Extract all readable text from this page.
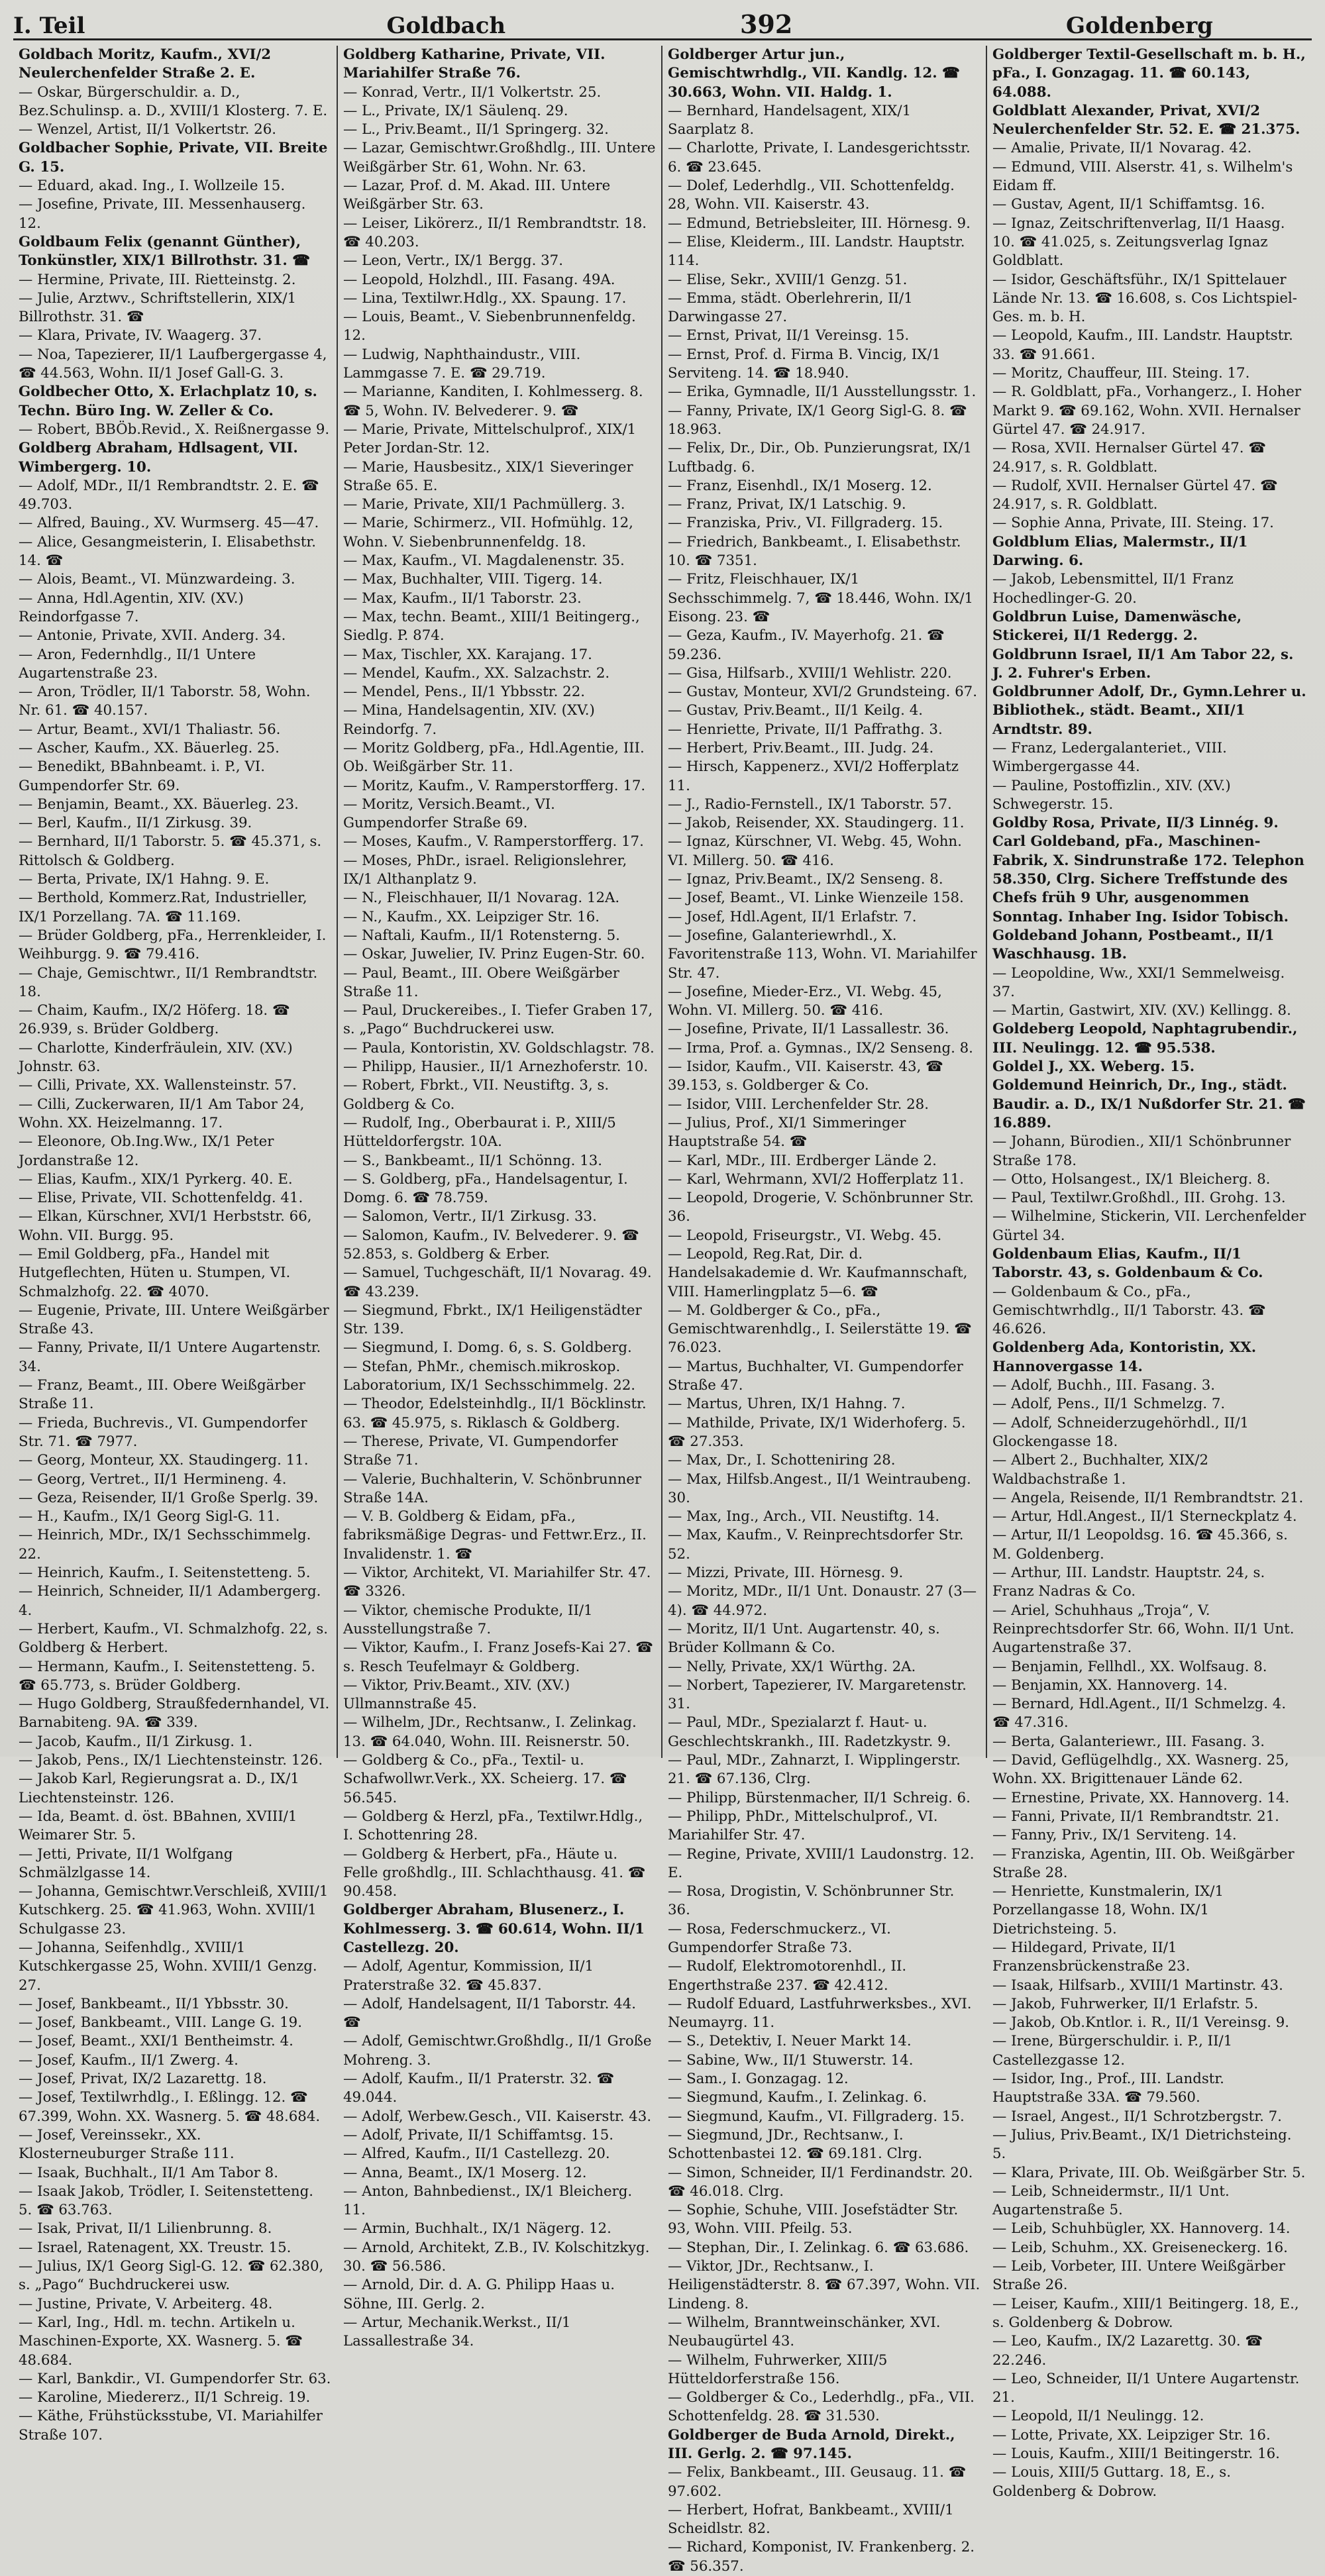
I. Teil	Goldbach	392	Goldenberg

Goldbach Moritz, Kaufm., XVI/2 Neulerchenfelder Straße 2. E.

— Oskar, Bürgerschuldir. a. D., Bez.Schulinsp. a. D., XVIII/1 Klosterg. 7. E.

— Wenzel, Artist, II/1 Volkertstr. 26.

Goldbacher Sophie, Private, VII. Breite G. 15.

— Eduard, akad. Ing., I. Wollzeile 15.

— Josefine, Private, III. Messenhauserg. 12.

Goldbaum Felix (genannt Günther), Tonkünstler, XIX/1 Billrothstr. 31. ☎

— Hermine, Private, III. Rietteinstg. 2.

— Julie, Arztwv., Schriftstellerin, XIX/1 Billrothstr. 31. ☎

— Klara, Private, IV. Waagerg. 37.

— Noa, Tapezierer, II/1 Laufbergergasse 4, ☎ 44.563, Wohn. II/1 Josef Gall-G. 3.

Goldbecher Otto, X. Erlachplatz 10, s. Techn. Büro Ing. W. Zeller & Co.

— Robert, BBÖb.Revid., X. Reißnergasse 9.

Goldberg Abraham, Hdlsagent, VII. Wimbergerg. 10.

— Adolf, MDr., II/1 Rembrandtstr. 2. E. ☎ 49.703.

— Alfred, Bauing., XV. Wurmserg. 45—47.

— Alice, Gesangmeisterin, I. Elisabethstr. 14. ☎

— Alois, Beamt., VI. Münzwardeing. 3.

— Anna, Hdl.Agentin, XIV. (XV.) Reindorfgasse 7.

— Antonie, Private, XVII. Anderg. 34.

— Aron, Federnhdlg., II/1 Untere Augartenstraße 23.

— Aron, Trödler, II/1 Taborstr. 58, Wohn. Nr. 61. ☎ 40.157.

— Artur, Beamt., XVI/1 Thaliastr. 56.

— Ascher, Kaufm., XX. Bäuerleg. 25.

— Benedikt, BBahnbeamt. i. P., VI. Gumpendorfer Str. 69.

— Benjamin, Beamt., XX. Bäuerleg. 23.

— Berl, Kaufm., II/1 Zirkusg. 39.

— Bernhard, II/1 Taborstr. 5. ☎ 45.371, s. Rittolsch & Goldberg.

— Berta, Private, IX/1 Hahng. 9. E.

— Berthold, Kommerz.Rat, Industrieller, IX/1 Porzellang. 7A. ☎ 11.169.

— Brüder Goldberg, pFa., Herrenkleider, I. Weihburgg. 9. ☎ 79.416.

— Chaje, Gemischtwr., II/1 Rembrandtstr. 18.

— Chaim, Kaufm., IX/2 Höferg. 18. ☎ 26.939, s. Brüder Goldberg.

— Charlotte, Kinderfräulein, XIV. (XV.) Johnstr. 63.

— Cilli, Private, XX. Wallensteinstr. 57.

— Cilli, Zuckerwaren, II/1 Am Tabor 24, Wohn. XX. Heizelmanng. 17.

— Eleonore, Ob.Ing.Ww., IX/1 Peter Jordanstraße 12.

— Elias, Kaufm., XIX/1 Pyrkerg. 40. E.

— Elise, Private, VII. Schottenfeldg. 41.

— Elkan, Kürschner, XVI/1 Herbststr. 66, Wohn. VII. Burgg. 95.

— Emil Goldberg, pFa., Handel mit Hutgeflechten, Hüten u. Stumpen, VI. Schmalzhofg. 22. ☎ 4070.

— Eugenie, Private, III. Untere Weißgärber Straße 43.

— Fanny, Private, II/1 Untere Augartenstr. 34.

— Franz, Beamt., III. Obere Weißgärber Straße 11.

— Frieda, Buchrevis., VI. Gumpendorfer Str. 71. ☎ 7977.

— Georg, Monteur, XX. Staudingerg. 11.

— Georg, Vertret., II/1 Hermineng. 4.

— Geza, Reisender, II/1 Große Sperlg. 39.

— H., Kaufm., IX/1 Georg Sigl-G. 11.

— Heinrich, MDr., IX/1 Sechsschimmelg. 22.

— Heinrich, Kaufm., I. Seitenstetteng. 5.

— Heinrich, Schneider, II/1 Adambergerg. 4.

— Herbert, Kaufm., VI. Schmalzhofg. 22, s. Goldberg & Herbert.

— Hermann, Kaufm., I. Seitenstetteng. 5. ☎ 65.773, s. Brüder Goldberg.

— Hugo Goldberg, Straußfedernhandel, VI. Barnabiteng. 9A. ☎ 339.

— Jacob, Kaufm., II/1 Zirkusg. 1.

— Jakob, Pens., IX/1 Liechtensteinstr. 126.

— Jakob Karl, Regierungsrat a. D., IX/1 Liechtensteinstr. 126.

— Ida, Beamt. d. öst. BBahnen, XVIII/1 Weimarer Str. 5.

— Jetti, Private, II/1 Wolfgang Schmälzlgasse 14.

— Johanna, Gemischtwr.Verschleiß, XVIII/1 Kutschkerg. 25. ☎ 41.963, Wohn. XVIII/1 Schulgasse 23.

— Johanna, Seifenhdlg., XVIII/1 Kutschkergasse 25, Wohn. XVIII/1 Genzg. 27.

— Josef, Bankbeamt., II/1 Ybbsstr. 30.

— Josef, Bankbeamt., VIII. Lange G. 19.

— Josef, Beamt., XXI/1 Bentheimstr. 4.

— Josef, Kaufm., II/1 Zwerg. 4.

— Josef, Privat, IX/2 Lazarettg. 18.

— Josef, Textilwrhdlg., I. Eßlingg. 12. ☎ 67.399, Wohn. XX. Wasnerg. 5. ☎ 48.684.

— Josef, Vereinssekr., XX. Klosterneuburger Straße 111.

— Isaak, Buchhalt., II/1 Am Tabor 8.

— Isaak Jakob, Trödler, I. Seitenstetteng. 5. ☎ 63.763.

— Isak, Privat, II/1 Lilienbrunng. 8.

— Israel, Ratenagent, XX. Treustr. 15.

— Julius, IX/1 Georg Sigl-G. 12. ☎ 62.380, s. „Pago“ Buchdruckerei usw.

— Justine, Private, V. Arbeiterg. 48.

— Karl, Ing., Hdl. m. techn. Artikeln u. Maschinen-Exporte, XX. Wasnerg. 5. ☎ 48.684.

— Karl, Bankdir., VI. Gumpendorfer Str. 63.

— Karoline, Miedererz., II/1 Schreig. 19.

— Käthe, Frühstücksstube, VI. Mariahilfer Straße 107.

Goldberg Katharine, Private, VII. Mariahilfer Straße 76.

— Konrad, Vertr., II/1 Volkertstr. 25.

— L., Private, IX/1 Säulenq. 29.

— L., Priv.Beamt., II/1 Springerg. 32.

— Lazar, Gemischtwr.Großhdlg., III. Untere Weißgärber Str. 61, Wohn. Nr. 63.

— Lazar, Prof. d. M. Akad. III. Untere Weißgärber Str. 63.

— Leiser, Likörerz., II/1 Rembrandtstr. 18. ☎ 40.203.

— Leon, Vertr., IX/1 Bergg. 37.

— Leopold, Holzhdl., III. Fasang. 49A.

— Lina, Textilwr.Hdlg., XX. Spaung. 17.

— Louis, Beamt., V. Siebenbrunnenfeldg. 12.

— Ludwig, Naphthaindustr., VIII. Lammgasse 7. E. ☎ 29.719.

— Marianne, Kanditen, I. Kohlmesserg. 8. ☎ 5, Wohn. IV. Belvederег. 9. ☎

— Marie, Private, Mittelschulprof., XIX/1 Peter Jordan-Str. 12.

— Marie, Hausbesitz., XIX/1 Sieveringer Straße 65. E.

— Marie, Private, XII/1 Pachmüllerg. 3.

— Marie, Schirmerz., VII. Hofmühlg. 12, Wohn. V. Siebenbrunnenfeldg. 18.

— Max, Kaufm., VI. Magdalenenstr. 35.

— Max, Buchhalter, VIII. Tigerg. 14.

— Max, Kaufm., II/1 Taborstr. 23.

— Max, techn. Beamt., XIII/1 Beitingerg., Siedlg. P. 874.

— Max, Tischler, XX. Karajang. 17.

— Mendel, Kaufm., XX. Salzachstr. 2.

— Mendel, Pens., II/1 Ybbsstr. 22.

— Mina, Handelsagentin, XIV. (XV.) Reindorfg. 7.

— Moritz Goldberg, pFa., Hdl.Agentie, III. Ob. Weißgärber Str. 11.

— Moritz, Kaufm., V. Ramperstorfferg. 17.

— Moritz, Versich.Beamt., VI. Gumpendorfer Straße 69.

— Moses, Kaufm., V. Ramperstorfferg. 17.

— Moses, PhDr., israel. Religionslehrer, IX/1 Althanplatz 9.

— N., Fleischhauer, II/1 Novarag. 12A.

— N., Kaufm., XX. Leipziger Str. 16.

— Naftali, Kaufm., II/1 Rotensterng. 5.

— Oskar, Juwelier, IV. Prinz Eugen-Str. 60.

— Paul, Beamt., III. Obere Weißgärber Straße 11.

— Paul, Druckereibes., I. Tiefer Graben 17, s. „Pago“ Buchdruckerei usw.

— Paula, Kontoristin, XV. Goldschlagstr. 78.

— Philipp, Hausier., II/1 Arnezhoferstr. 10.

— Robert, Fbrkt., VII. Neustiftg. 3, s. Goldberg & Co.

— Rudolf, Ing., Oberbaurat i. P., XIII/5 Hütteldorfergstr. 10A.

— S., Bankbeamt., II/1 Schönng. 13.

— S. Goldberg, pFa., Handelsagentur, I. Domg. 6. ☎ 78.759.

— Salomon, Vertr., II/1 Zirkusg. 33.

— Salomon, Kaufm., IV. Belvederег. 9. ☎ 52.853, s. Goldberg & Erber.

— Samuel, Tuchgeschäft, II/1 Novarag. 49. ☎ 43.239.

— Siegmund, Fbrkt., IX/1 Heiligenstädter Str. 139.

— Siegmund, I. Domg. 6, s. S. Goldberg.

— Stefan, PhMr., chemisch.mikroskop. Laboratorium, IX/1 Sechsschimmelg. 22.

— Theodor, Edelsteinhdlg., II/1 Böcklinstr. 63. ☎ 45.975, s. Riklasch & Goldberg.

— Therese, Private, VI. Gumpendorfer Straße 71.

— Valerie, Buchhalterin, V. Schönbrunner Straße 14A.

— V. B. Goldberg & Eidam, pFa., fabriksmäßige Degras- und Fettwr.Erz., II. Invalidenstr. 1. ☎

— Viktor, Architekt, VI. Mariahilfer Str. 47. ☎ 3326.

— Viktor, chemische Produkte, II/1 Ausstellungstraße 7.

— Viktor, Kaufm., I. Franz Josefs-Kai 27. ☎ s. Resch Teufelmayr & Goldberg.

— Viktor, Priv.Beamt., XIV. (XV.) Ullmannstraße 45.

— Wilhelm, JDr., Rechtsanw., I. Zelinkag. 13. ☎ 64.040, Wohn. III. Reisnerstr. 50.

— Goldberg & Co., pFa., Textil- u. Schafwollwr.Verk., XX. Scheierg. 17. ☎ 56.545.

— Goldberg & Herzl, pFa., Textilwr.Hdlg., I. Schottenring 28.

— Goldberg & Herbert, pFa., Häute u. Felle großhdlg., III. Schlachthausg. 41. ☎ 90.458.

Goldberger Abraham, Blusenerz., I. Kohlmesserg. 3. ☎ 60.614, Wohn. II/1 Castellezg. 20.

— Adolf, Agentur, Kommission, II/1 Praterstraße 32. ☎ 45.837.

— Adolf, Handelsagent, II/1 Taborstr. 44. ☎

— Adolf, Gemischtwr.Großhdlg., II/1 Große Mohreng. 3.

— Adolf, Kaufm., II/1 Praterstr. 32. ☎ 49.044.

— Adolf, Werbew.Gesch., VII. Kaiserstr. 43.

— Adolf, Private, II/1 Schiffamtsg. 15.

— Alfred, Kaufm., II/1 Castellezg. 20.

— Anna, Beamt., IX/1 Moserg. 12.

— Anton, Bahnbedienst., IX/1 Bleicherg. 11.

— Armin, Buchhalt., IX/1 Nägerg. 12.

— Arnold, Architekt, Z.B., IV. Kolschitzkyg. 30. ☎ 56.586.

— Arnold, Dir. d. A. G. Philipp Haas u. Söhne, III. Gerlg. 2.

— Artur, Mechanik.Werkst., II/1 Lassallestraße 34.

Goldberger Artur jun., Gemischtwrhdlg., VII. Kandlg. 12. ☎ 30.663, Wohn. VII. Haldg. 1.

— Bernhard, Handelsagent, XIX/1 Saarplatz 8.

— Charlotte, Private, I. Landesgerichtsstr. 6. ☎ 23.645.

— Dolef, Lederhdlg., VII. Schottenfeldg. 28, Wohn. VII. Kaiserstr. 43.

— Edmund, Betriebsleiter, III. Hörnesg. 9.

— Elise, Kleiderm., III. Landstr. Hauptstr. 114.

— Elise, Sekr., XVIII/1 Genzg. 51.

— Emma, städt. Oberlehrerin, II/1 Darwingasse 27.

— Ernst, Privat, II/1 Vereinsg. 15.

— Ernst, Prof. d. Firma B. Vincig, IX/1 Serviteng. 14. ☎ 18.940.

— Erika, Gymnadle, II/1 Ausstellungsstr. 1.

— Fanny, Private, IX/1 Georg Sigl-G. 8. ☎ 18.963.

— Felix, Dr., Dir., Ob. Punzierungsrat, IX/1 Luftbadg. 6.

— Franz, Eisenhdl., IX/1 Moserg. 12.

— Franz, Privat, IX/1 Latschig. 9.

— Franziska, Priv., VI. Fillgraderg. 15.

— Friedrich, Bankbeamt., I. Elisabethstr. 10. ☎ 7351.

— Fritz, Fleischhauer, IX/1 Sechsschimmelg. 7, ☎ 18.446, Wohn. IX/1 Eisong. 23. ☎

— Geza, Kaufm., IV. Mayerhofg. 21. ☎ 59.236.

— Gisa, Hilfsarb., XVIII/1 Wehlistr. 220.

— Gustav, Monteur, XVI/2 Grundsteing. 67.

— Gustav, Priv.Beamt., II/1 Keilg. 4.

— Henriette, Private, II/1 Paffrathg. 3.

— Herbert, Priv.Beamt., III. Judg. 24.

— Hirsch, Kappenerz., XVI/2 Hofferplatz 11.

— J., Radio-Fernstell., IX/1 Taborstr. 57.

— Jakob, Reisender, XX. Staudingerg. 11.

— Ignaz, Kürschner, VI. Webg. 45, Wohn. VI. Millerg. 50. ☎ 416.

— Ignaz, Priv.Beamt., IX/2 Senseng. 8.

— Josef, Beamt., VI. Linke Wienzeile 158.

— Josef, Hdl.Agent, II/1 Erlafstr. 7.

— Josefine, Galanteriewrhdl., X. Favoritenstraße 113, Wohn. VI. Mariahilfer Str. 47.

— Josefine, Mieder-Erz., VI. Webg. 45, Wohn. VI. Millerg. 50. ☎ 416.

— Josefine, Private, II/1 Lassallestr. 36.

— Irma, Prof. a. Gymnas., IX/2 Senseng. 8.

— Isidor, Kaufm., VII. Kaiserstr. 43, ☎ 39.153, s. Goldberger & Co.

— Isidor, VIII. Lerchenfelder Str. 28.

— Julius, Prof., XI/1 Simmeringer Hauptstraße 54. ☎

— Karl, MDr., III. Erdberger Lände 2.

— Karl, Wehrmann, XVI/2 Hofferplatz 11.

— Leopold, Drogerie, V. Schönbrunner Str. 36.

— Leopold, Friseurgstr., VI. Webg. 45.

— Leopold, Reg.Rat, Dir. d. Handelsakademie d. Wr. Kaufmannschaft, VIII. Hamerlingplatz 5—6. ☎

— M. Goldberger & Co., pFa., Gemischtwarenhdlg., I. Seilerstätte 19. ☎ 76.023.

— Martus, Buchhalter, VI. Gumpendorfer Straße 47.

— Martus, Uhren, IX/1 Hahng. 7.

— Mathilde, Private, IX/1 Widerhoferg. 5. ☎ 27.353.

— Max, Dr., I. Schotteniring 28.

— Max, Hilfsb.Angest., II/1 Weintraubeng. 30.

— Max, Ing., Arch., VII. Neustiftg. 14.

— Max, Kaufm., V. Reinprechtsdorfer Str. 52.

— Mizzi, Private, III. Hörnesg. 9.

— Moritz, MDr., II/1 Unt. Donaustr. 27 (3—4). ☎ 44.972.

— Moritz, II/1 Unt. Augartenstr. 40, s. Brüder Kollmann & Co.

— Nelly, Private, XX/1 Würthg. 2A.

— Norbert, Tapezierer, IV. Margaretenstr. 31.

— Paul, MDr., Spezialarzt f. Haut- u. Geschlechtskrankh., III. Radetzkystr. 9.

— Paul, MDr., Zahnarzt, I. Wipplingerstr. 21. ☎ 67.136, Clrg.

— Philipp, Bürstenmacher, II/1 Schreig. 6.

— Philipp, PhDr., Mittelschulprof., VI. Mariahilfer Str. 47.

— Regine, Private, XVIII/1 Laudonstrg. 12. E.

— Rosa, Drogistin, V. Schönbrunner Str. 36.

— Rosa, Federschmuckerz., VI. Gumpendorfer Straße 73.

— Rudolf, Elektromotorenhdl., II. Engerthstraße 237. ☎ 42.412.

— Rudolf Eduard, Lastfuhrwerksbes., XVI. Neumayrg. 11.

— S., Detektiv, I. Neuer Markt 14.

— Sabine, Ww., II/1 Stuwerstr. 14.

— Sam., I. Gonzagag. 12.

— Siegmund, Kaufm., I. Zelinkag. 6.

— Siegmund, Kaufm., VI. Fillgraderg. 15.

— Siegmund, JDr., Rechtsanw., I. Schottenbastei 12. ☎ 69.181. Clrg.

— Simon, Schneider, II/1 Ferdinandstr. 20. ☎ 46.018. Clrg.

— Sophie, Schuhe, VIII. Josefstädter Str. 93, Wohn. VIII. Pfeilg. 53.

— Stephan, Dir., I. Zelinkag. 6. ☎ 63.686.

— Viktor, JDr., Rechtsanw., I. Heiligenstädterstr. 8. ☎ 67.397, Wohn. VII. Lindeng. 8.

— Wilhelm, Branntweinschänker, XVI. Neubaugürtel 43.

— Wilhelm, Fuhrwerker, XIII/5 Hütteldorferstraße 156.

— Goldberger & Co., Lederhdlg., pFa., VII. Schottenfeldg. 28. ☎ 31.530.

Goldberger de Buda Arnold, Direkt., III. Gerlg. 2. ☎ 97.145.

— Felix, Bankbeamt., III. Geusaug. 11. ☎ 97.602.

— Herbert, Hofrat, Bankbeamt., XVIII/1 Scheidlstr. 82.

— Richard, Komponist, IV. Frankenberg. 2. ☎ 56.357.

Goldberger Textil-Gesellschaft m. b. H., pFa., I. Gonzagag. 11. ☎ 60.143, 64.088.

Goldblatt Alexander, Privat, XVI/2 Neulerchenfelder Str. 52. E. ☎ 21.375.

— Amalie, Private, II/1 Novarag. 42.

— Edmund, VIII. Alserstr. 41, s. Wilhelm's Eidam ff.

— Gustav, Agent, II/1 Schiffamtsg. 16.

— Ignaz, Zeitschriftenverlag, II/1 Haasg. 10. ☎ 41.025, s. Zeitungsverlag Ignaz Goldblatt.

— Isidor, Geschäftsführ., IX/1 Spittelauer Lände Nr. 13. ☎ 16.608, s. Cos Lichtspiel-Ges. m. b. H.

— Leopold, Kaufm., III. Landstr. Hauptstr. 33. ☎ 91.661.

— Moritz, Chauffeur, III. Steing. 17.

— R. Goldblatt, pFa., Vorhangerz., I. Hoher Markt 9. ☎ 69.162, Wohn. XVII. Hernalser Gürtel 47. ☎ 24.917.

— Rosa, XVII. Hernalser Gürtel 47. ☎ 24.917, s. R. Goldblatt.

— Rudolf, XVII. Hernalser Gürtel 47. ☎ 24.917, s. R. Goldblatt.

— Sophie Anna, Private, III. Steing. 17.

Goldblum Elias, Malermstr., II/1 Darwing. 6.

— Jakob, Lebensmittel, II/1 Franz Hochedlinger-G. 20.

Goldbrun Luise, Damenwäsche, Stickerei, II/1 Redergg. 2.

Goldbrunn Israel, II/1 Am Tabor 22, s. J. 2. Fuhrer's Erben.

Goldbrunner Adolf, Dr., Gymn.Lehrer u. Bibliothek., städt. Beamt., XII/1 Arndtstr. 89.

— Franz, Ledergalanteriet., VIII. Wimbergergasse 44.

— Pauline, Postoffizlin., XIV. (XV.) Schwegerstr. 15.

Goldby Rosa, Private, II/3 Linnég. 9.

Carl Goldeband, pFa., Maschinen-Fabrik, X. Sindrunstraße 172. Telephon 58.350, Clrg. Sichere Treffstunde des Chefs früh 9 Uhr, ausgenommen Sonntag. Inhaber Ing. Isidor Tobisch.

Goldeband Johann, Postbeamt., II/1 Waschhausg. 1B.

— Leopoldine, Ww., XXI/1 Semmelweisg. 37.

— Martin, Gastwirt, XIV. (XV.) Kellingg. 8.

Goldeberg Leopold, Naphtagrubendir., III. Neulingg. 12. ☎ 95.538.

Goldel J., XX. Weberg. 15.

Goldemund Heinrich, Dr., Ing., städt. Baudir. a. D., IX/1 Nußdorfer Str. 21. ☎ 16.889.

— Johann, Bürodien., XII/1 Schönbrunner Straße 178.

— Otto, Holsangest., IX/1 Bleicherg. 8.

— Paul, Textilwr.Großhdl., III. Grohg. 13.

— Wilhelmine, Stickerin, VII. Lerchenfelder Gürtel 34.

Goldenbaum Elias, Kaufm., II/1 Taborstr. 43, s. Goldenbaum & Co.

— Goldenbaum & Co., pFa., Gemischtwrhdlg., II/1 Taborstr. 43. ☎ 46.626.

Goldenberg Ada, Kontoristin, XX. Hannovergasse 14.

— Adolf, Buchh., III. Fasang. 3.

— Adolf, Pens., II/1 Schmelzg. 7.

— Adolf, Schneiderzugehörhdl., II/1 Glockengasse 18.

— Albert 2., Buchhalter, XIX/2 Waldbachstraße 1.

— Angela, Reisende, II/1 Rembrandtstr. 21.

— Artur, Hdl.Angest., II/1 Sterneckplatz 4.

— Artur, II/1 Leopoldsg. 16. ☎ 45.366, s. M. Goldenberg.

— Arthur, III. Landstr. Hauptstr. 24, s. Franz Nadras & Co.

— Ariel, Schuhhaus „Troja“, V. Reinprechtsdorfer Str. 66, Wohn. II/1 Unt. Augartenstraße 37.

— Benjamin, Fellhdl., XX. Wolfsaug. 8.

— Benjamin, XX. Hannoverg. 14.

— Bernard, Hdl.Agent., II/1 Schmelzg. 4. ☎ 47.316.

— Berta, Galanteriewr., III. Fasang. 3.

— David, Geflügelhdlg., XX. Wasnerg. 25, Wohn. XX. Brigittenauer Lände 62.

— Ernestine, Private, XX. Hannoverg. 14.

— Fanni, Private, II/1 Rembrandtstr. 21.

— Fanny, Priv., IX/1 Serviteng. 14.

— Franziska, Agentin, III. Ob. Weißgärber Straße 28.

— Henriette, Kunstmalerin, IX/1 Porzellangasse 18, Wohn. IX/1 Dietrichsteing. 5.

— Hildegard, Private, II/1 Franzensbrückenstraße 23.

— Isaak, Hilfsarb., XVIII/1 Martinstr. 43.

— Jakob, Fuhrwerker, II/1 Erlafstr. 5.

— Jakob, Ob.Kntlor. i. R., II/1 Vereinsg. 9.

— Irene, Bürgerschuldir. i. P., II/1 Castellezgasse 12.

— Isidor, Ing., Prof., III. Landstr. Hauptstraße 33A. ☎ 79.560.

— Israel, Angest., II/1 Schrotzbergstr. 7.

— Julius, Priv.Beamt., IX/1 Dietrichsteing. 5.

— Klara, Private, III. Ob. Weißgärber Str. 5.

— Leib, Schneidermstr., II/1 Unt. Augartenstraße 5.

— Leib, Schuhbügler, XX. Hannoverg. 14.

— Leib, Schuhm., XX. Greiseneckerg. 16.

— Leib, Vorbeter, III. Untere Weißgärber Straße 26.

— Leiser, Kaufm., XIII/1 Beitingerg. 18, E., s. Goldenberg & Dobrow.

— Leo, Kaufm., IX/2 Lazarettg. 30. ☎ 22.246.

— Leo, Schneider, II/1 Untere Augartenstr. 21.

— Leopold, II/1 Neulingg. 12.

— Lotte, Private, XX. Leipziger Str. 16.

— Louis, Kaufm., XIII/1 Beitingerstr. 16.

— Louis, XIII/5 Guttarg. 18, E., s. Goldenberg & Dobrow.
